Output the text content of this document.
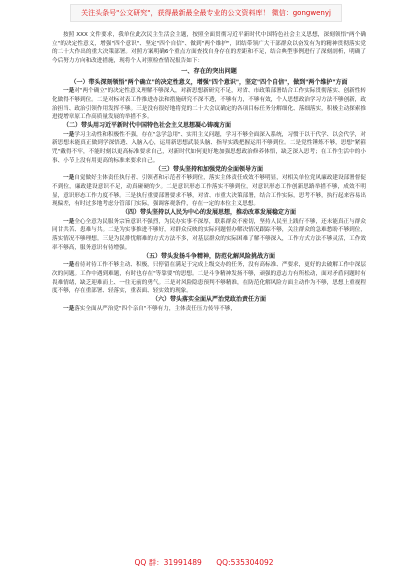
关注头条号"公文研究"，获得最新最全最专业的公文资料库！ 微信：gongwenyj

按照 XXX 文件要求，我单位此次民主生活会主题，按照全面贯彻习近平新时代中国特色社会主义思想，深刻领悟"两个确立"的决定性意义，增强"四个意识"、坚定"四个自信"、做到"两个维护"，团结带领广大干部群众以奋发有为的精神贯彻落实党的二十大作出的重大决策部署。对照方案明确6个重点方面查找自身存在的差距和不足，结合典型事例进行了深刻剖析，明确了今后努力方向和改进措施，现将个人对照检查情况报告如下：

一、存在的突出问题

（一）带头深刻领悟"两个确立"的决定性意义，增强"四个意识"，坚定"四个自信"，做到"两个维护"方面

一是对"两个确立"的决定性意义理解不够深入，对新思想新研究不足，对省、市政策部署结合工作实际贯彻落实、创新性转化做得不够到位。二是对标对表工作推进办法和措施研究不深不透，不够有力，不够有效，个人思想政治学习方法不够创新，政治担当、政治引领作用发挥不够。三是没有很好地将党的二十大会议确定的各项目标任务分解细化、落细落实，积极主动探索推进提增章原工作高质量发展的举措不多。

（二）带头用习近平新时代中国特色社会主义思想凝心铸魂方面

一是学习主动性和积极性不强，存在"急学急用"、实用主义问题，学习不够全面深入系统，习惯于以干代学、以会代学，对新思想未能真正做到学深悟透、入脑入心，运用新思想武装头脑、指导实践把握运用不够到位。二是党性锤炼不够，思想"紧箍咒"戴得不牢，不能时刻以更高标准要求自己，对新时代如何更好地加强思想政治修养体悟，缺乏深入思考；在工作生活中的小事、小节上没有用更高的标准来要求自己。

（三）带头坚持和加强党的全面领导方面

一是自觉做好主体责任执行者、引领者和示范者不够到位，落实主体责任成效不够明显，对相关单位党风廉政建设部署督促不到位，廉政建设意识不足，动真碰硬的少。二是意识形态工作落实不够到位，对意识形态工作创新思路举措不够，成效不明显，意识形态工作力度不够。三是执行重要部署要求不够，对省、市重大决策部署，结合工作实际，思考不够，执行起来容易出现偏差，有时过多地考虑分管部门实际，强调客观条件，存在一定的本位主义思想。

（四）带头坚持以人民为中心的发展思想，推动改革发展稳定方面

一是全心全意为民服务宗旨意识不强烈，为民办实事不深厚，联系群众不密切，坚持人民至上践行不够，还未能真正与群众同甘共苦、患难与共。二是为实事推进不够好，对群众反映的实际问题督办解决情况跟踪不够，关注群众的急难愁盼不够到位，落实情况不够理想。三是为民排忧解难的方式方法不多，对基层群众的实际困难了解不够深入，工作方式方法不够灵活，工作效率不够高，服务意识有待增强。

（五）带头发扬斗争精神，防范化解风险挑战方面

一是看待对待工作不够主动、积极，只停留在满足于完成上级交办的任务，没有高标准、严要求，更好的去破解工作中深层次的问题。工作中遇到难题，有时也存在"等靠要"的思想。二是斗争精神发扬不够，顽强的意志力有所松动，面对矛盾问题时有畏难情绪，缺乏迎难而上、一往无前的勇气。三是对风险隐患预判不够精准，在防范化解风险方面主动作为不够，思想上重视程度不够，存在重部署、轻落实，重表面、轻实效的现象。

（六）带头落实全面从严治党政治责任方面

一是落实全面从严治党"四个亲自"不够有力，主体责任压力传导不够，

QQ 群：31991489 QQ:535304092
